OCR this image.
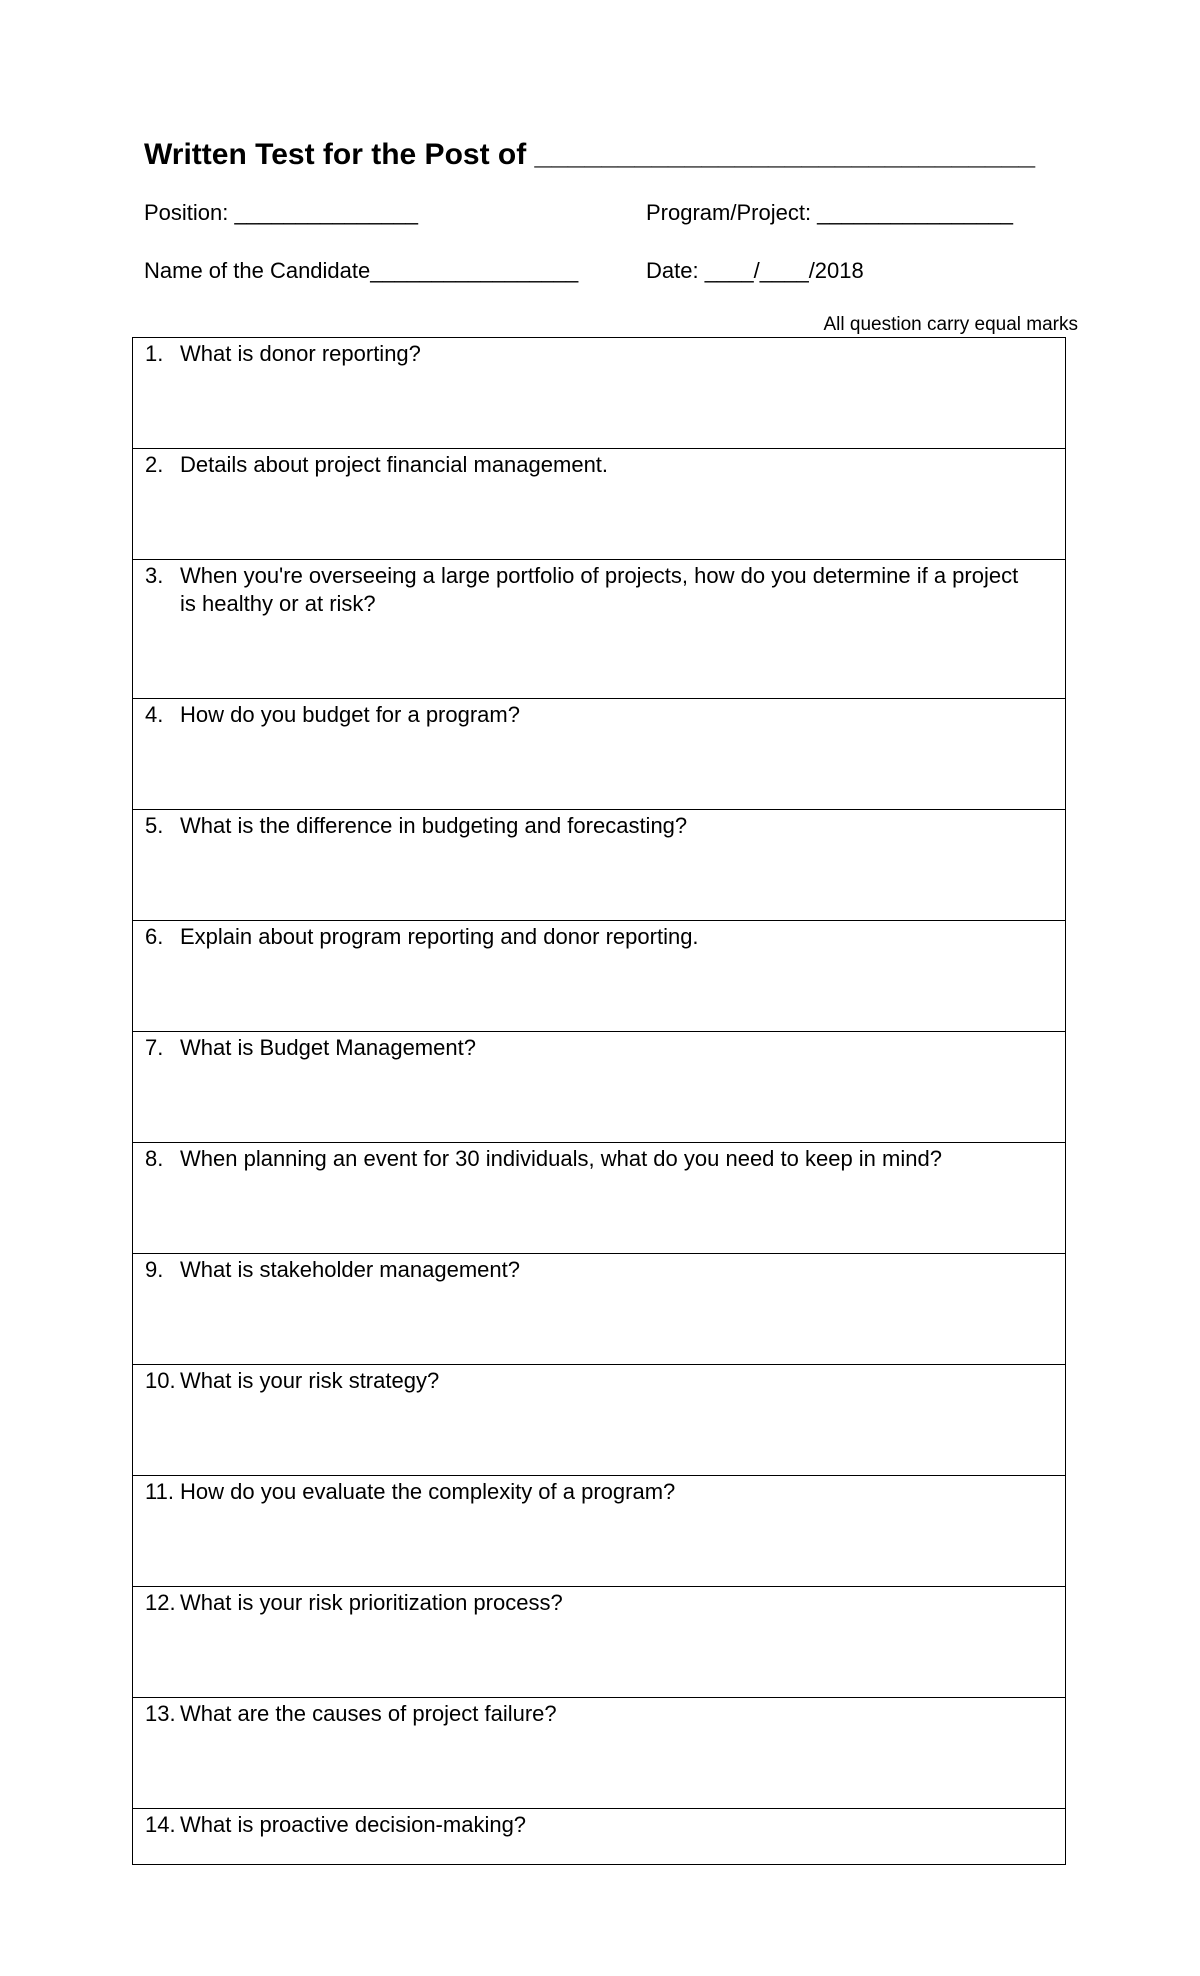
Written Test for the Post of ______________________________
Position: _______________	Program/Project: ________________
Name of the Candidate_________________	Date: ____/____/2018
All question carry equal marks
1. What is donor reporting?
2. Details about project financial management.
3. When you're overseeing a large portfolio of projects, how do you determine if a project is healthy or at risk?
4. How do you budget for a program?
5. What is the difference in budgeting and forecasting?
6. Explain about program reporting and donor reporting.
7. What is Budget Management?
8. When planning an event for 30 individuals, what do you need to keep in mind?
9. What is stakeholder management?
10. What is your risk strategy?
11. How do you evaluate the complexity of a program?
12. What is your risk prioritization process?
13. What are the causes of project failure?
14. What is proactive decision-making?
